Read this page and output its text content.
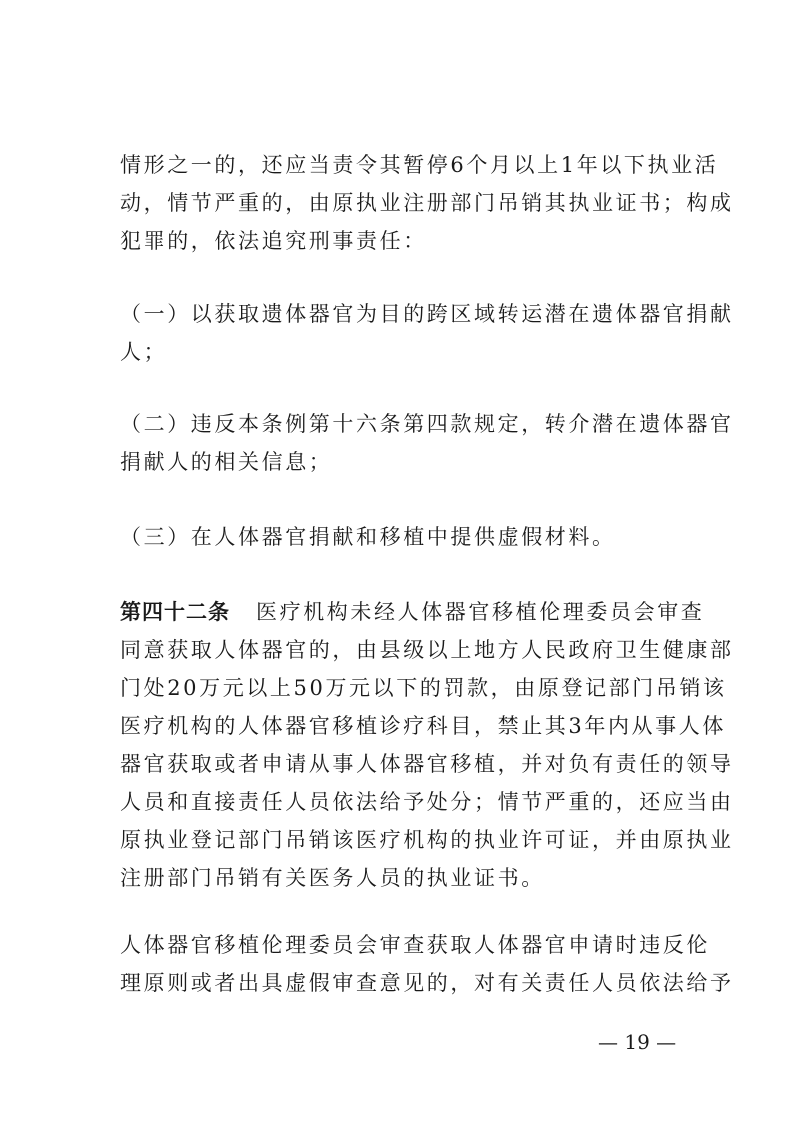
情形之一的，还应当责令其暂停6个月以上1年以下执业活
动，情节严重的，由原执业注册部门吊销其执业证书；构成
犯罪的，依法追究刑事责任：
（一）以获取遗体器官为目的跨区域转运潜在遗体器官捐献
人；
（二）违反本条例第十六条第四款规定，转介潜在遗体器官
捐献人的相关信息；
（三）在人体器官捐献和移植中提供虚假材料。
第四十二条 医疗机构未经人体器官移植伦理委员会审查
同意获取人体器官的，由县级以上地方人民政府卫生健康部
门处20万元以上50万元以下的罚款，由原登记部门吊销该
医疗机构的人体器官移植诊疗科目，禁止其3年内从事人体
器官获取或者申请从事人体器官移植，并对负有责任的领导
人员和直接责任人员依法给予处分；情节严重的，还应当由
原执业登记部门吊销该医疗机构的执业许可证，并由原执业
注册部门吊销有关医务人员的执业证书。
人体器官移植伦理委员会审查获取人体器官申请时违反伦
理原则或者出具虚假审查意见的，对有关责任人员依法给予
— 19 —
